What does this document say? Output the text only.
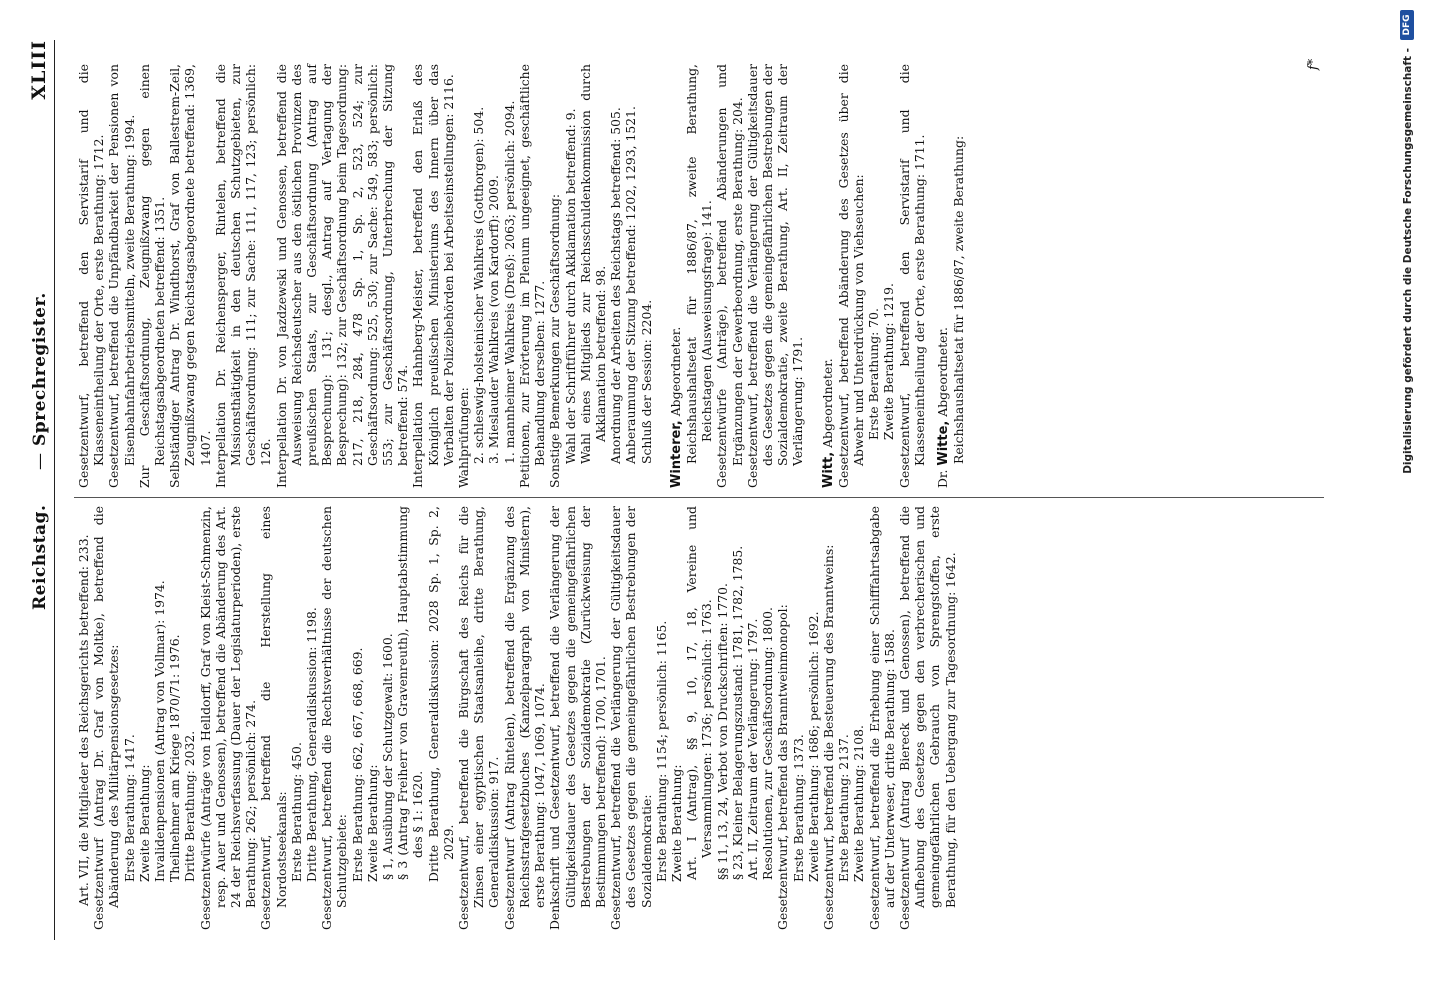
Reichstag.
—
Sprechregister.
XLIII

Art. VII, die Mitglieder des Reichsgerichts betreffend: 233. Gesetzentwurf (Antrag Dr. Graf von Moltke), betreffend die Abänderung des Militärpensionsgesetzes: Erste Berathung: 1417. Zweite Berathung: Invalidenpensionen (Antrag von Vollmar): 1974. Theilnehmer am Kriege 1870/71: 1976. Dritte Berathung: 2032. Gesetzentwürfe (Anträge von Helldorff, Graf von Kleist-Schmenzin, resp. Auer und Genossen), betreffend die Abänderung des Art. 24 der Reichsverfassung (Dauer der Legislaturperioden), erste Berathung: 262; persönlich: 274. Gesetzentwurf, betreffend die Herstellung eines Nordostseekanals: Erste Berathung: 450. Dritte Berathung, Generaldiskussion: 1198. Gesetzentwurf, betreffend die Rechtsverhältnisse der deutschen Schutzgebiete: Erste Berathung: 662, 667, 668, 669. Zweite Berathung: § 1, Ausübung der Schutzgewalt: 1600. § 3 (Antrag Freiherr von Gravenreuth), Hauptabstimmung des § 1: 1620. Dritte Berathung, Generaldiskussion: 2028 Sp. 1, Sp. 2, 2029. Gesetzentwurf, betreffend die Bürgschaft des Reichs für die Zinsen einer egyptischen Staatsanleihe, dritte Berathung, Generaldiskussion: 917. Gesetzentwurf (Antrag Rintelen), betreffend die Ergänzung des Reichsstrafgesetzbuches (Kanzelparagraph von Ministern), erste Berathung: 1047, 1069, 1074. Denkschrift und Gesetzentwurf, betreffend die Verlängerung der Gültigkeitsdauer des Gesetzes gegen die gemeingefährlichen Bestrebungen der Sozialdemokratie (Zurückweisung der Bestimmungen betreffend): 1700, 1701. Gesetzentwurf, betreffend die Verlängerung der Gültigkeitsdauer des Gesetzes gegen die gemeingefährlichen Bestrebungen der Sozialdemokratie: Erste Berathung: 1154; persönlich: 1165. Zweite Berathung: Art. I (Antrag), §§ 9, 10, 17, 18, Vereine und Versammlungen: 1736; persönlich: 1763. §§ 11, 13, 24, Verbot von Druckschriften: 1770. § 23, Kleiner Belagerungszustand: 1781, 1782, 1785. Art. II, Zeitraum der Verlängerung: 1797. Resolutionen, zur Geschäftsordnung: 1800. Gesetzentwurf, betreffend das Branntweinmonopol: Erste Berathung: 1373. Zweite Berathung: 1686; persönlich: 1692. Gesetzentwurf, betreffend die Besteuerung des Branntweins: Erste Berathung: 2137. Zweite Berathung: 2108. Gesetzentwurf, betreffend die Erhebung einer Schifffahrtsabgabe auf der Unterweser, dritte Berathung: 1588. Gesetzentwurf (Antrag Biereck und Genossen), betreffend die Aufhebung des Gesetzes gegen den verbrecherischen und gemeingefährlichen Gebrauch von Sprengstoffen, erste Berathung, für den Uebergang zur Tagesordnung: 1642.

Gesetzentwurf, betreffend den Servistarif und die Klasseneintheilung der Orte, erste Berathung: 1712. Gesetzentwurf, betreffend die Unpfändbarkeit der Pensionen von Eisenbahnfahrbetriebsmitteln, zweite Berathung: 1994. Zur Geschäftsordnung, Zeugnißzwang gegen einen Reichstagsabgeordneten betreffend: 1351. Selbständiger Antrag Dr. Windthorst, Graf von Ballestrem-Zeil, Zeugnißzwang gegen Reichstagsabgeordnete betreffend: 1369, 1407. Interpellation Dr. Reichensperger, Rintelen, betreffend die Missionsthätigkeit in den deutschen Schutzgebieten, zur Geschäftsordnung: 111; zur Sache: 111, 117, 123; persönlich: 126. Interpellation Dr. von Jazdzewski und Genossen, betreffend die Ausweisung Reichsdeutscher aus den östlichen Provinzen des preußischen Staats, zur Geschäftsordnung (Antrag auf Besprechung): 131; desgl., Antrag auf Vertagung der Besprechung): 132; zur Geschäftsordnung beim Tagesordnung: 217, 218, 284, 478 Sp. 1, Sp. 2, 523, 524; zur Geschäftsordnung: 525, 530; zur Sache: 549, 583; persönlich: 553; zur Geschäftsordnung, Unterbrechung der Sitzung betreffend: 574. Interpellation Hahnberg-Meister, betreffend den Erlaß des Königlich preußischen Ministeriums des Innern über das Verbalten der Polizeibehörden bei Arbeitseinstellungen: 2116. Wahlprüfungen: 2. schleswig-holsteinischer Wahlkreis (Gotthorgen): 504. 3. Mieslauder Wahlkreis (von Kardorff): 2009. 1. mannheimer Wahlkreis (Dreß): 2063; persönlich: 2094. Petitionen, zur Erörterung im Plenum ungeeignet, geschäftliche Behandlung derselben: 1277. Sonstige Bemerkungen zur Geschäftsordnung: Wahl der Schriftführer durch Akklamation betreffend: 9. Wahl eines Mitglieds zur Reichsschuldenkommission durch Akklamation betreffend: 98. Anordnung der Arbeiten des Reichstags betreffend: 505. Anberaumung der Sitzung betreffend: 1202, 1293, 1521. Schluß der Session: 2204. Winterer, Abgeordneter. Reichshaushaltsetat für 1886/87, zweite Berathung, Reichstagen (Ausweisungsfrage): 141. Gesetzentwürfe (Anträge), betreffend Abänderungen und Ergänzungen der Gewerbeordnung, erste Berathung: 204. Gesetzentwurf, betreffend die Verlängerung der Gültigkeitsdauer des Gesetzes gegen die gemeingefährlichen Bestrebungen der Sozialdemokratie, zweite Berathung, Art. II, Zeitraum der Verlängerung: 1791.

Witt, Abgeordneter. Gesetzentwurf, betreffend Abänderung des Gesetzes über die Abwehr und Unterdrückung von Viehseuchen: Erste Berathung: 70. Zweite Berathung: 1219. Gesetzentwurf, betreffend den Servistarif und die Klasseneintheilung der Orte, erste Berathung: 1711.

Dr. Witte, Abgeordneter. Reichshaushaltsetat für 1886/87, zweite Berathung:

f*	Digitalisierung gefördert durch die Deutsche Forschungsgemeinschaft -
DFG
